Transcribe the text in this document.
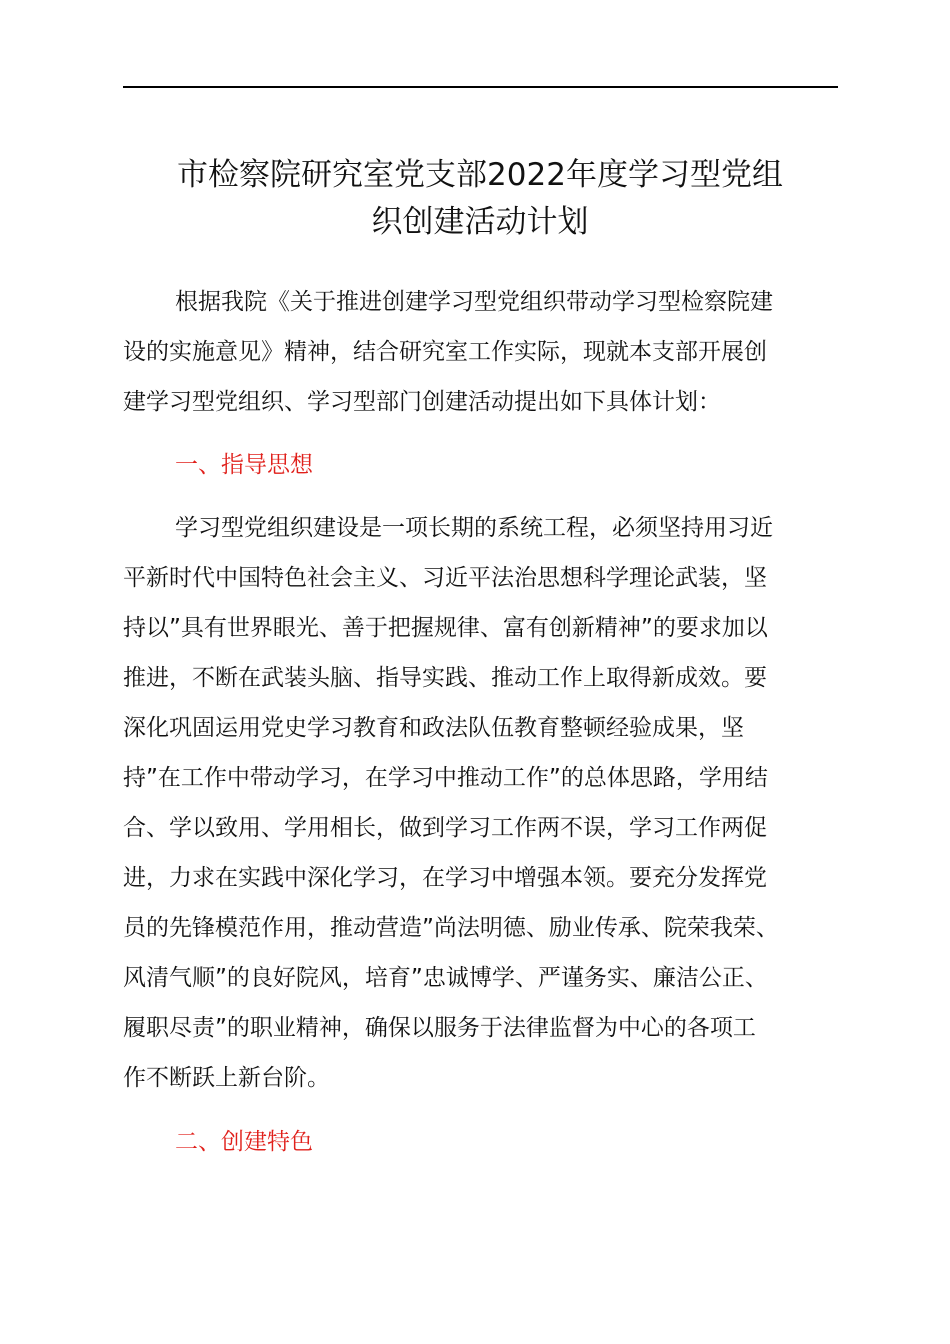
市检察院研究室党支部2022年度学习型党组
织创建活动计划

根据我院《关于推进创建学习型党组织带动学习型检察院建
设的实施意见》精神，结合研究室工作实际，现就本支部开展创
建学习型党组织、学习型部门创建活动提出如下具体计划：

一、指导思想

学习型党组织建设是一项长期的系统工程，必须坚持用习近
平新时代中国特色社会主义、习近平法治思想科学理论武装，坚
持以”具有世界眼光、善于把握规律、富有创新精神”的要求加以
推进，不断在武装头脑、指导实践、推动工作上取得新成效。要
深化巩固运用党史学习教育和政法队伍教育整顿经验成果，坚
持”在工作中带动学习，在学习中推动工作”的总体思路，学用结
合、学以致用、学用相长，做到学习工作两不误，学习工作两促
进，力求在实践中深化学习，在学习中增强本领。要充分发挥党
员的先锋模范作用，推动营造”尚法明德、励业传承、院荣我荣、
风清气顺”的良好院风，培育”忠诚博学、严谨务实、廉洁公正、
履职尽责”的职业精神，确保以服务于法律监督为中心的各项工
作不断跃上新台阶。

二、创建特色
